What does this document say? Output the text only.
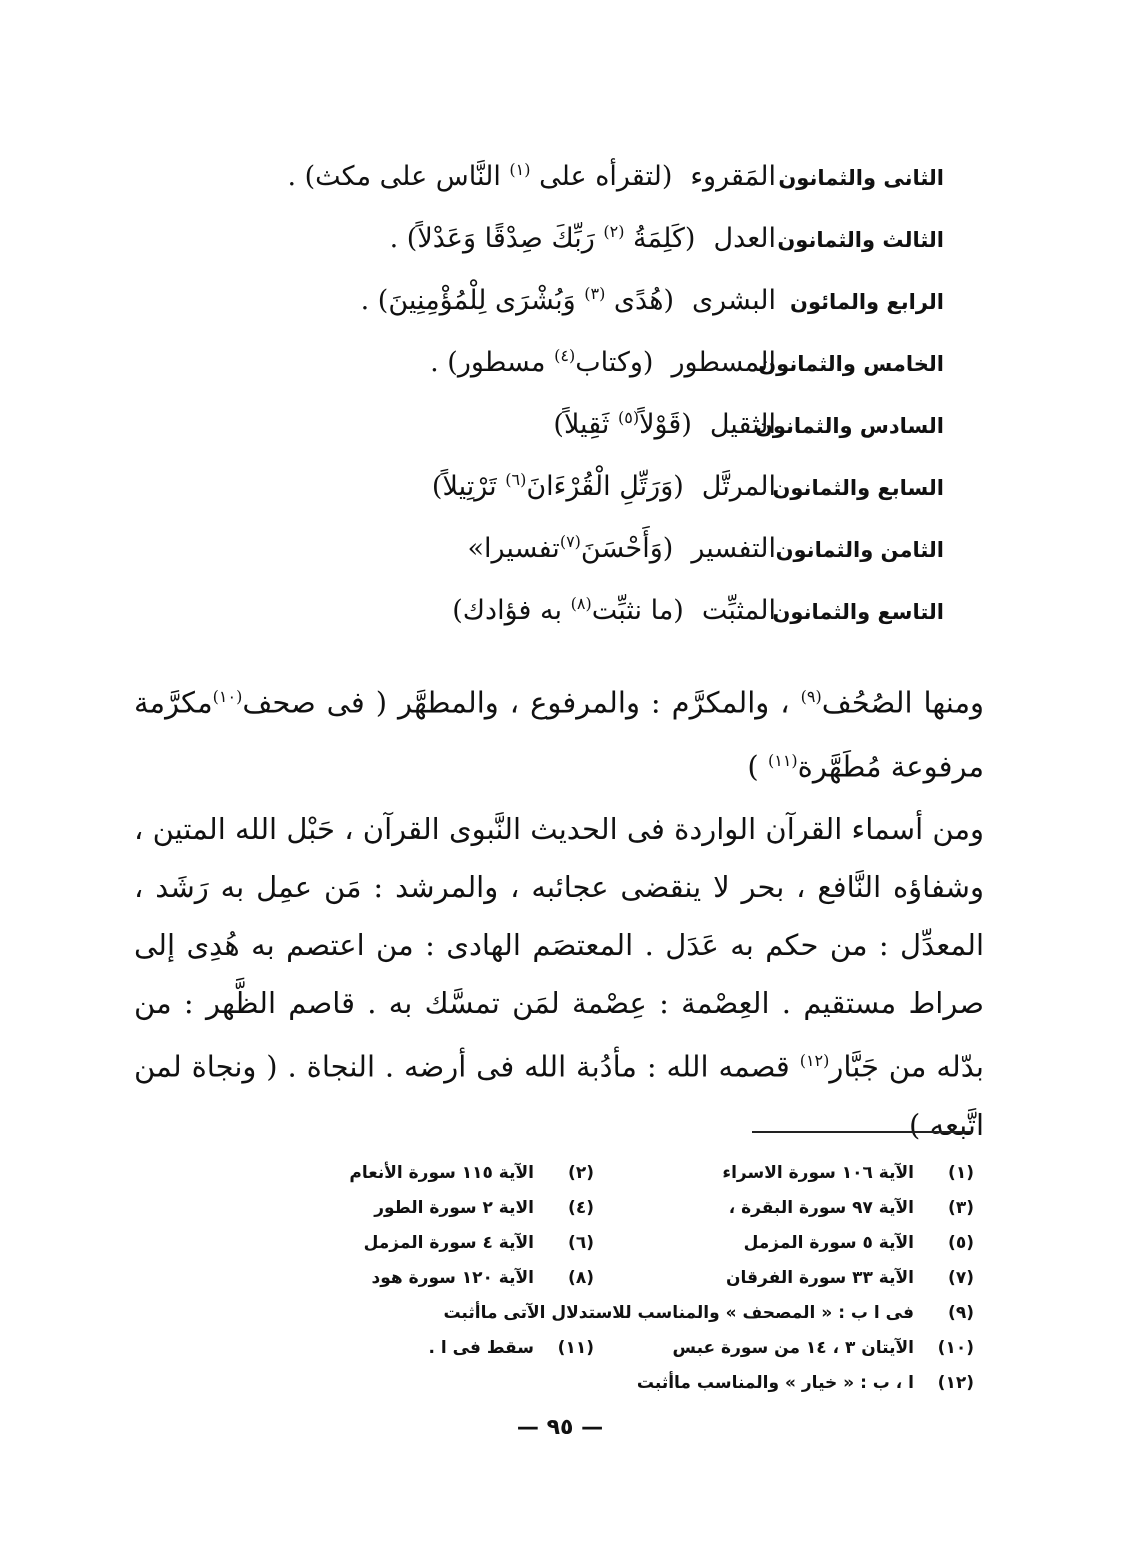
الثانى والثمانون
المَقروء
(لتقرأه على $^{(١)}$ النَّاس على مكث) .
الثالث والثمانون
العدل
(كَلِمَةُ $^{(٢)}$ رَبِّكَ صِدْقًا وَعَدْلاً) .
الرابع والمائون
البشرى
(هُدًى $^{(٣)}$ وَبُشْرَى لِلْمُؤْمِنِينَ) .
الخامس والثمانون
المسطور
(وكتاب$^{(٤)}$ مسطور) .
السادس والثمانون
الثقيل
(قَوْلاً$^{(٥)}$ ثَقِيلاً)
السابع والثمانون
المرتَّل
(وَرَتِّلِ الْقُرْءَانَ$^{(٦)}$ تَرْتِيلاً)
الثامن والثمانون
التفسير
(وَأَحْسَنَ$^{(٧)}$تفسيرا»
التاسع والثمانون
المثبِّت
(ما نثبِّت$^{(٨)}$ به فؤادك)
ومنها الصُحُف$^{(٩)}$ ، والمكرَّم : والمرفوع ، والمطهَّر ( فى صحف$^{(١٠)}$مكرَّمة مرفوعة مُطَهَّرة$^{(١١)}$ )
ومن أسماء القرآن الواردة فى الحديث النَّبوى القرآن ، حَبْل الله المتين ، وشفاؤه النَّافع ، بحر لا ينقضى عجائبه ، والمرشد : مَن عمِل به رَشَد ، المعدِّل : من حكم به عَدَل . المعتصَم الهادى : من اعتصم به هُدِى إلى صراط مستقيم . العِصْمة : عِصْمة لمَن تمسَّك به . قاصم الظَّهر : من بدّله من جَبَّار$^{(١٢)}$ قصمه الله : مأدُبة الله فى أرضه . النجاة . ( ونجاة لمن اتَّبعه )
(١)
الآية ١٠٦ سورة الاسراء
(٢)
الآية ١١٥ سورة الأنعام
(٣)
الآية ٩٧ سورة البقرة ،
(٤)
الاية ٢ سورة الطور
(٥)
الآية ٥ سورة المزمل
(٦)
الآية ٤ سورة المزمل
(٧)
الآية ٣٣ سورة الفرقان
(٨)
الآية ١٢٠ سورة هود
(٩)
فى ا ب : « المصحف » والمناسب للاستدلال الآتى ماأثبت
(١٠)
الآيتان ٣ ، ١٤ من سورة عبس
(١١)
سقط فى ا .
(١٢)
ا ، ب : « خيار » والمناسب ماأثبت
— ٩٥ —
